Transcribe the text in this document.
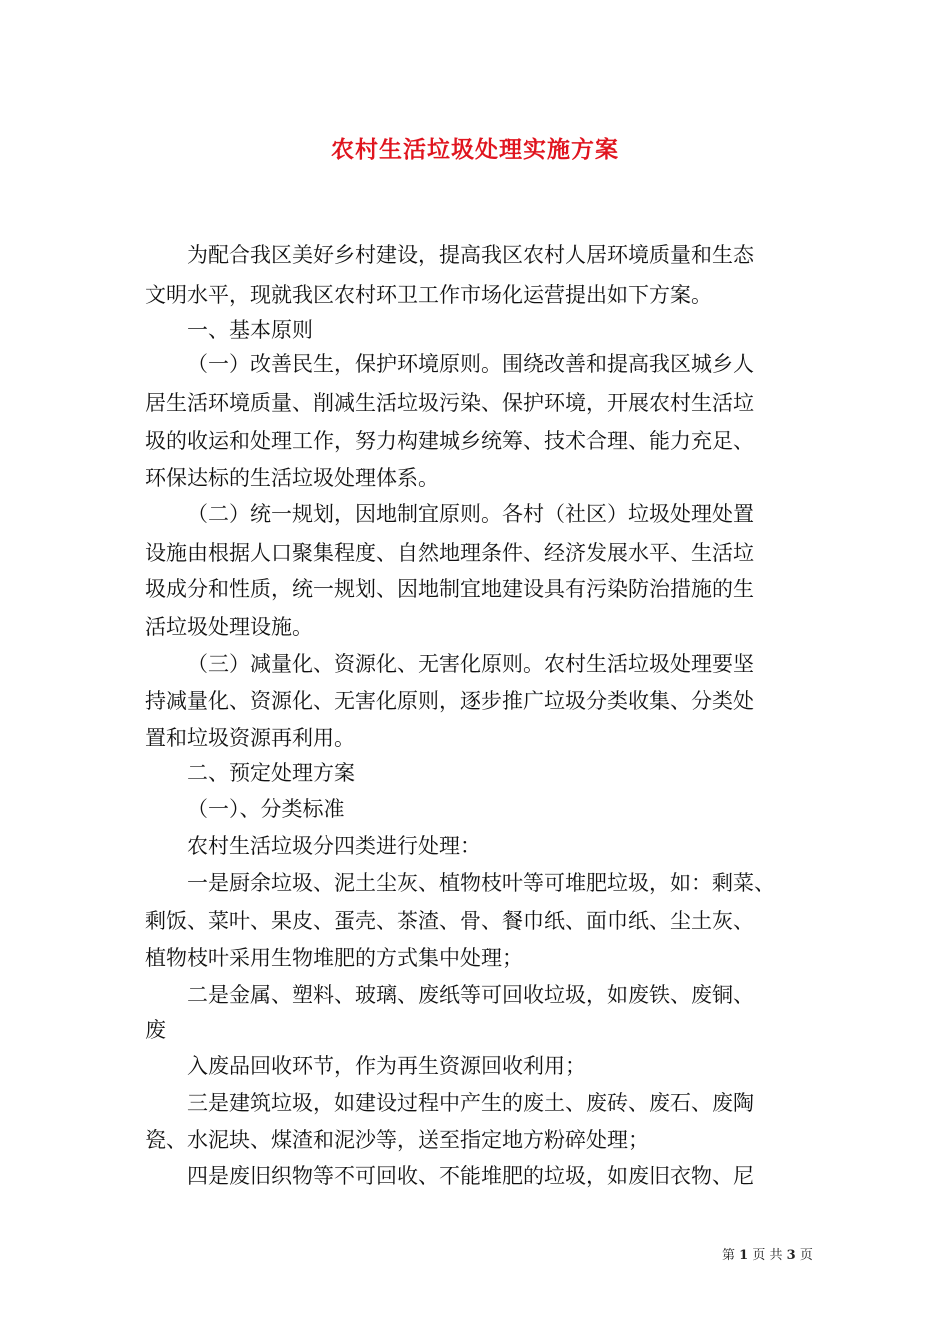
农村生活垃圾处理实施方案
为配合我区美好乡村建设，提高我区农村人居环境质量和生态
文明水平，现就我区农村环卫工作市场化运营提出如下方案。
一、基本原则
（一）改善民生，保护环境原则。围绕改善和提高我区城乡人
居生活环境质量、削减生活垃圾污染、保护环境，开展农村生活垃
圾的收运和处理工作，努力构建城乡统筹、技术合理、能力充足、
环保达标的生活垃圾处理体系。
（二）统一规划，因地制宜原则。各村（社区）垃圾处理处置
设施由根据人口聚集程度、自然地理条件、经济发展水平、生活垃
圾成分和性质，统一规划、因地制宜地建设具有污染防治措施的生
活垃圾处理设施。
（三）减量化、资源化、无害化原则。农村生活垃圾处理要坚
持减量化、资源化、无害化原则，逐步推广垃圾分类收集、分类处
置和垃圾资源再利用。
二、预定处理方案
（一）、分类标准
农村生活垃圾分四类进行处理：
一是厨余垃圾、泥土尘灰、植物枝叶等可堆肥垃圾，如：剩菜、
剩饭、菜叶、果皮、蛋壳、茶渣、骨、餐巾纸、面巾纸、尘土灰、
植物枝叶采用生物堆肥的方式集中处理；
二是金属、塑料、玻璃、废纸等可回收垃圾，如废铁、废铜、
废
入废品回收环节，作为再生资源回收利用；
三是建筑垃圾，如建设过程中产生的废土、废砖、废石、废陶
瓷、水泥块、煤渣和泥沙等，送至指定地方粉碎处理；
四是废旧织物等不可回收、不能堆肥的垃圾，如废旧衣物、尼
第 1 页 共 3 页
